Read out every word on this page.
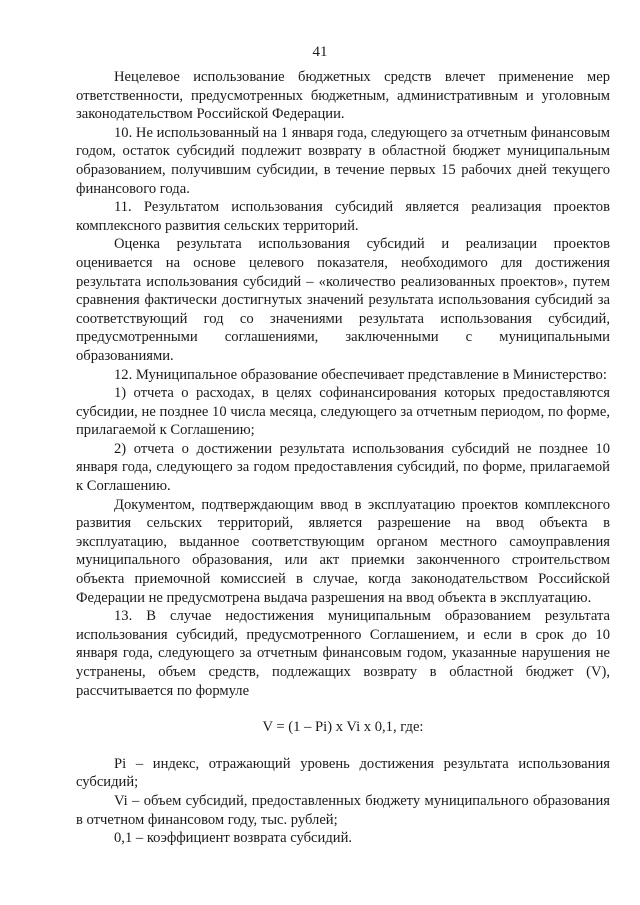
41

Нецелевое использование бюджетных средств влечет применение мер ответственности, предусмотренных бюджетным, административным и уголовным законодательством Российской Федерации.

10. Не использованный на 1 января года, следующего за отчетным финансовым годом, остаток субсидий подлежит возврату в областной бюджет муниципальным образованием, получившим субсидии, в течение первых 15 рабочих дней текущего финансового года.

11. Результатом использования субсидий является реализация проектов комплексного развития сельских территорий.

Оценка результата использования субсидий и реализации проектов оценивается на основе целевого показателя, необходимого для достижения результата использования субсидий – «количество реализованных проектов», путем сравнения фактически достигнутых значений результата использования субсидий за соответствующий год со значениями результата использования субсидий, предусмотренными соглашениями, заключенными с муниципальными образованиями.

12. Муниципальное образование обеспечивает представление в Министерство:

1) отчета о расходах, в целях софинансирования которых предоставляются субсидии, не позднее 10 числа месяца, следующего за отчетным периодом, по форме, прилагаемой к Соглашению;

2) отчета о достижении результата использования субсидий не позднее 10 января года, следующего за годом предоставления субсидий, по форме, прилагаемой к Соглашению.

Документом, подтверждающим ввод в эксплуатацию проектов комплексного развития сельских территорий, является разрешение на ввод объекта в эксплуатацию, выданное соответствующим органом местного самоуправления муниципального образования, или акт приемки законченного строительством объекта приемочной комиссией в случае, когда законодательством Российской Федерации не предусмотрена выдача разрешения на ввод объекта в эксплуатацию.

13. В случае недостижения муниципальным образованием результата использования субсидий, предусмотренного Соглашением, и если в срок до 10 января года, следующего за отчетным финансовым годом, указанные нарушения не устранены, объем средств, подлежащих возврату в областной бюджет (V), рассчитывается по формуле

V = (1 – Pi) x Vi x 0,1, где:

Pi – индекс, отражающий уровень достижения результата использования субсидий;

Vi – объем субсидий, предоставленных бюджету муниципального образования в отчетном финансовом году, тыс. рублей;

0,1 – коэффициент возврата субсидий.
